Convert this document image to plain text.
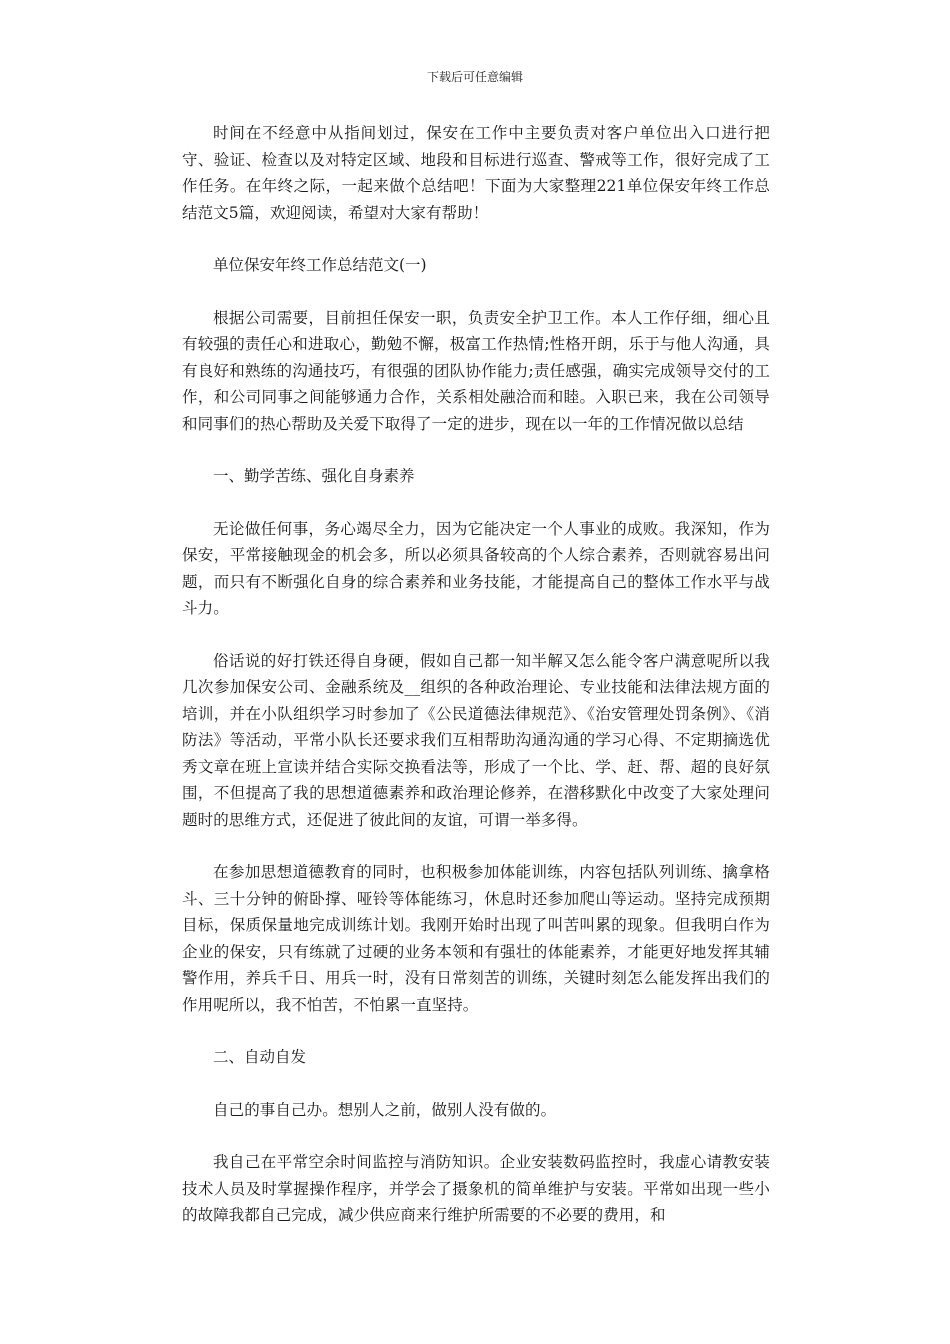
下载后可任意编辑

时间在不经意中从指间划过，保安在工作中主要负责对客户单位出入口进行把守、验证、检查以及对特定区域、地段和目标进行巡查、警戒等工作，很好完成了工作任务。在年终之际，一起来做个总结吧！下面为大家整理221单位保安年终工作总结范文5篇，欢迎阅读，希望对大家有帮助！

单位保安年终工作总结范文(一)

根据公司需要，目前担任保安一职，负责安全护卫工作。本人工作仔细，细心且有较强的责任心和进取心，勤勉不懈，极富工作热情;性格开朗，乐于与他人沟通，具有良好和熟练的沟通技巧，有很强的团队协作能力;责任感强，确实完成领导交付的工作，和公司同事之间能够通力合作，关系相处融洽而和睦。入职已来，我在公司领导和同事们的热心帮助及关爱下取得了一定的进步，现在以一年的工作情况做以总结

一、勤学苦练、强化自身素养

无论做任何事，务心竭尽全力，因为它能决定一个人事业的成败。我深知，作为保安，平常接触现金的机会多，所以必须具备较高的个人综合素养，否则就容易出问题，而只有不断强化自身的综合素养和业务技能，才能提高自己的整体工作水平与战斗力。

俗话说的好打铁还得自身硬，假如自己都一知半解又怎么能令客户满意呢所以我几次参加保安公司、金融系统及__组织的各种政治理论、专业技能和法律法规方面的培训，并在小队组织学习时参加了《公民道德法律规范》、《治安管理处罚条例》、《消防法》等活动，平常小队长还要求我们互相帮助沟通沟通的学习心得、不定期摘选优秀文章在班上宣读并结合实际交换看法等，形成了一个比、学、赶、帮、超的良好氛围，不但提高了我的思想道德素养和政治理论修养，在潜移默化中改变了大家处理问题时的思维方式，还促进了彼此间的友谊，可谓一举多得。

在参加思想道德教育的同时，也积极参加体能训练，内容包括队列训练、擒拿格斗、三十分钟的俯卧撑、哑铃等体能练习，休息时还参加爬山等运动。坚持完成预期目标，保质保量地完成训练计划。我刚开始时出现了叫苦叫累的现象。但我明白作为企业的保安，只有练就了过硬的业务本领和有强壮的体能素养，才能更好地发挥其辅警作用，养兵千日、用兵一时，没有日常刻苦的训练，关键时刻怎么能发挥出我们的作用呢所以，我不怕苦，不怕累一直坚持。

二、自动自发

自己的事自己办。想别人之前，做别人没有做的。

我自己在平常空余时间监控与消防知识。企业安装数码监控时，我虚心请教安装技术人员及时掌握操作程序，并学会了摄象机的简单维护与安装。平常如出现一些小的故障我都自己完成，减少供应商来行维护所需要的不必要的费用，和
